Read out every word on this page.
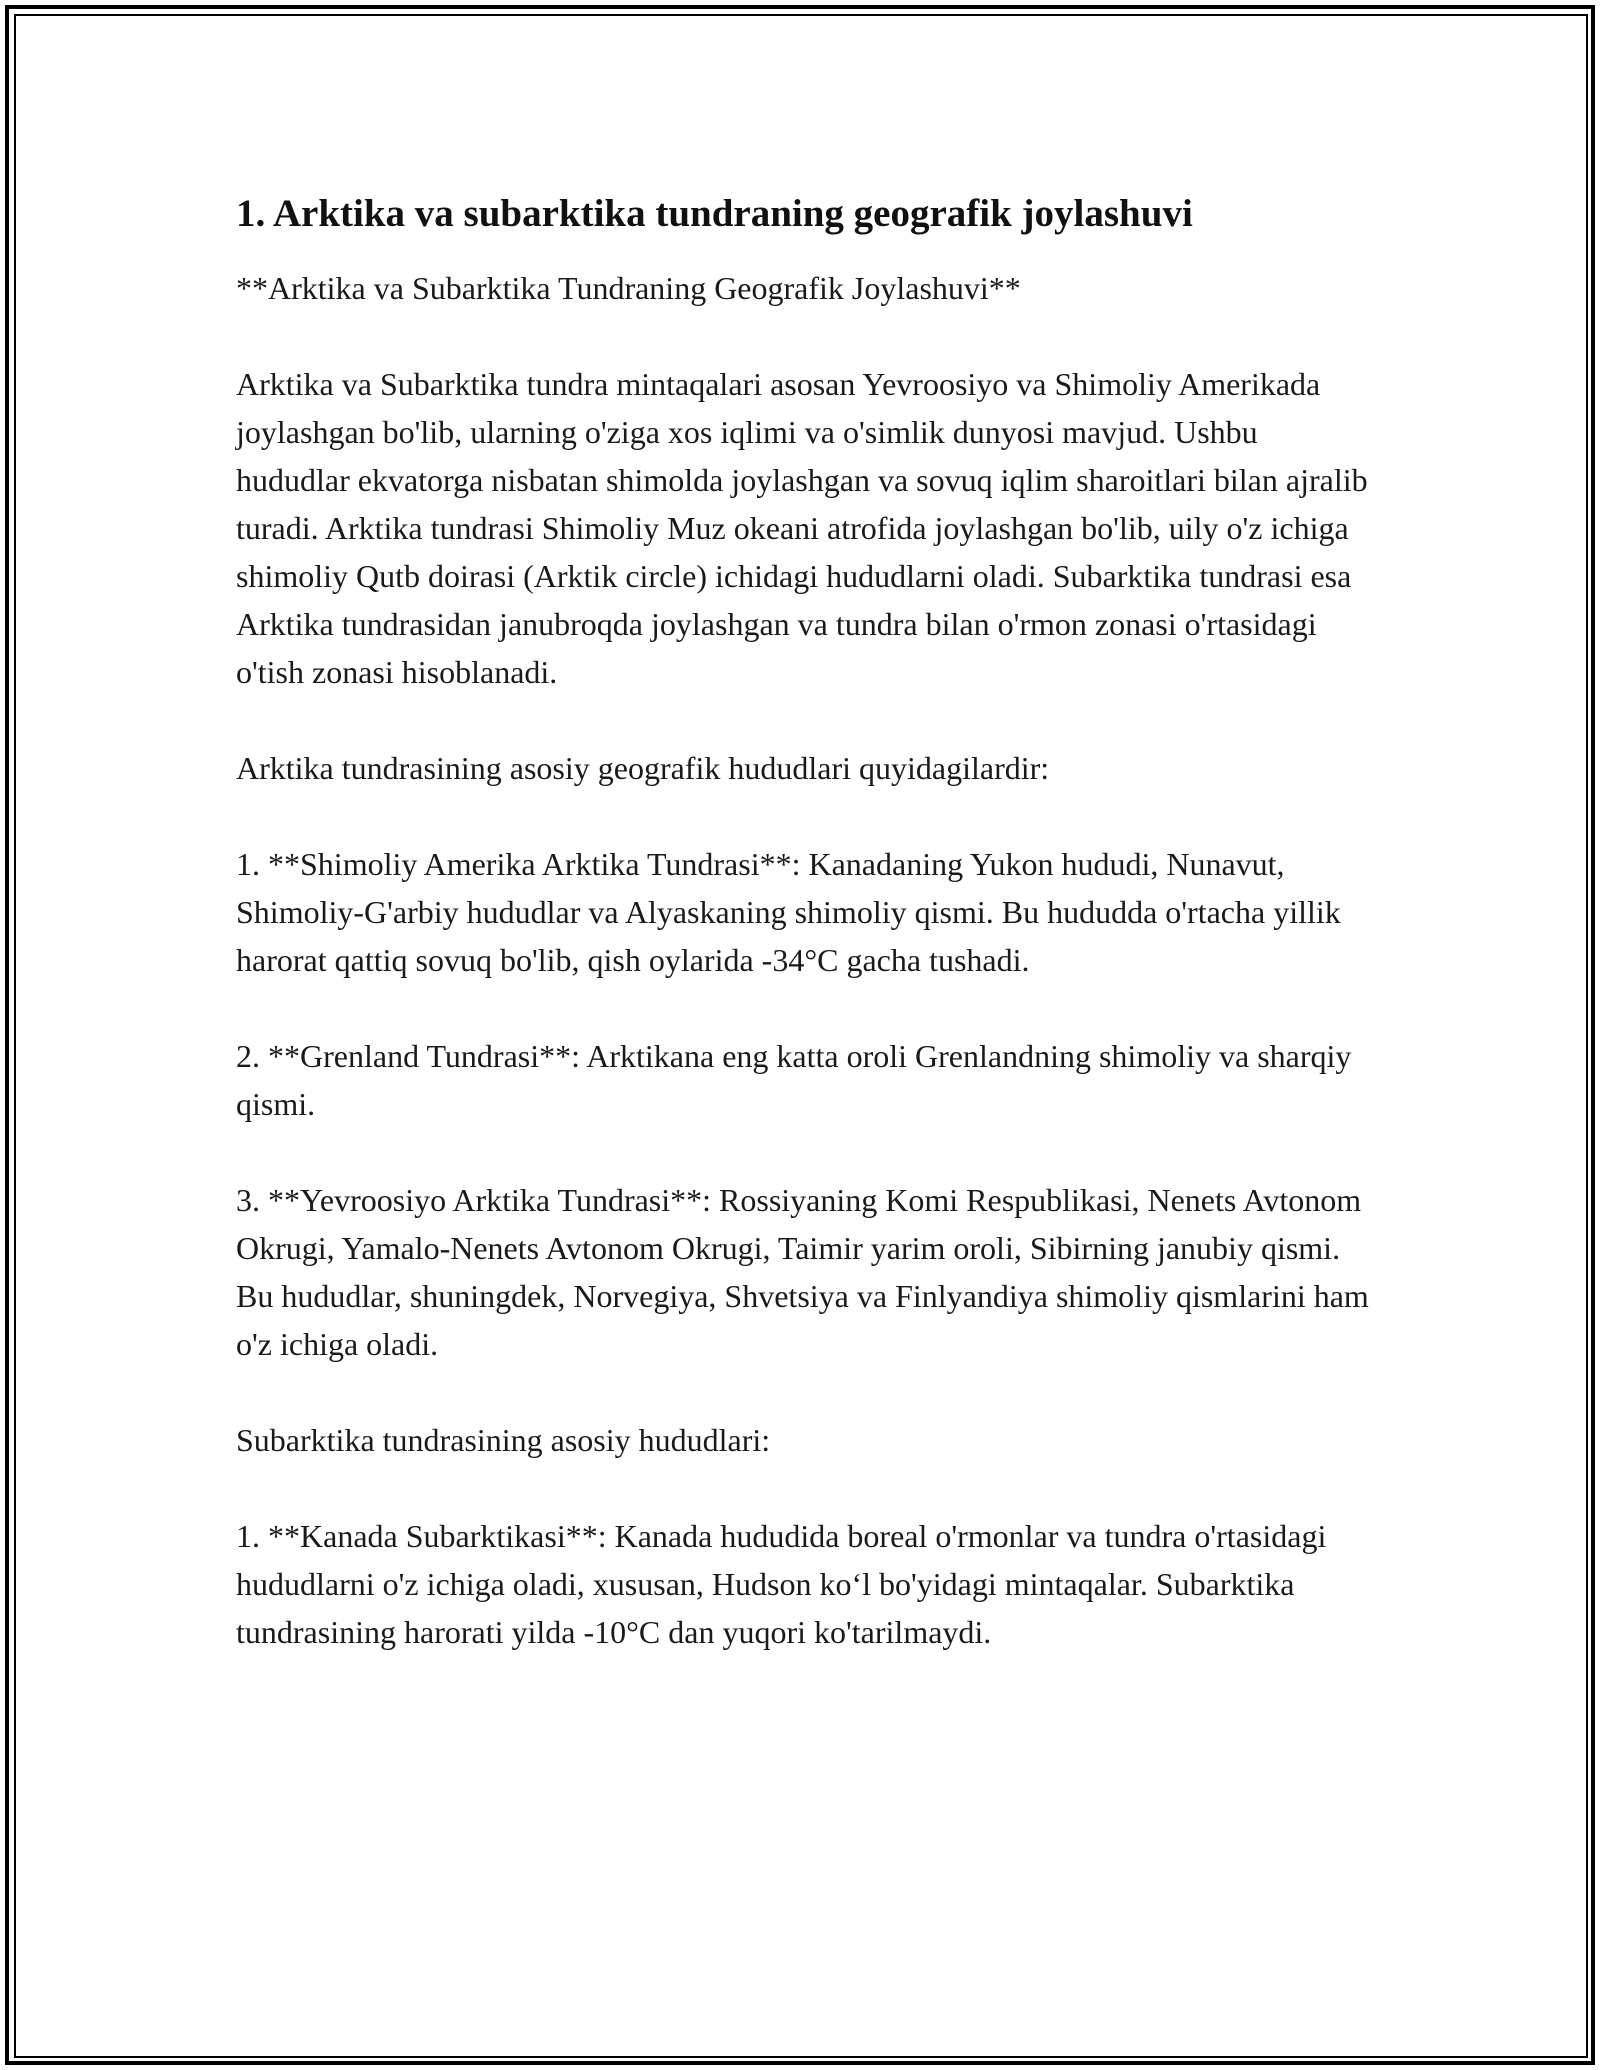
1. Arktika va subarktika tundraning geografik joylashuvi

**Arktika va Subarktika Tundraning Geografik Joylashuvi**

Arktika va Subarktika tundra mintaqalari asosan Yevroosiyo va Shimoliy Amerikada joylashgan bo'lib, ularning o'ziga xos iqlimi va o'simlik dunyosi mavjud. Ushbu hududlar ekvatorga nisbatan shimolda joylashgan va sovuq iqlim sharoitlari bilan ajralib turadi. Arktika tundrasi Shimoliy Muz okeani atrofida joylashgan bo'lib, uily o'z ichiga shimoliy Qutb doirasi (Arktik circle) ichidagi hududlarni oladi. Subarktika tundrasi esa Arktika tundrasidan janubroqda joylashgan va tundra bilan o'rmon zonasi o'rtasidagi o'tish zonasi hisoblanadi.

Arktika tundrasining asosiy geografik hududlari quyidagilardir:

1. **Shimoliy Amerika Arktika Tundrasi**: Kanadaning Yukon hududi, Nunavut, Shimoliy-G'arbiy hududlar va Alyaskaning shimoliy qismi. Bu hududda o'rtacha yillik harorat qattiq sovuq bo'lib, qish oylarida -34°C gacha tushadi.

2. **Grenland Tundrasi**: Arktikana eng katta oroli Grenlandning shimoliy va sharqiy qismi.

3. **Yevroosiyo Arktika Tundrasi**: Rossiyaning Komi Respublikasi, Nenets Avtonom Okrugi, Yamalo-Nenets Avtonom Okrugi, Taimir yarim oroli, Sibirning janubiy qismi. Bu hududlar, shuningdek, Norvegiya, Shvetsiya va Finlyandiya shimoliy qismlarini ham o'z ichiga oladi.

Subarktika tundrasining asosiy hududlari:

1. **Kanada Subarktikasi**: Kanada hududida boreal o'rmonlar va tundra o'rtasidagi hududlarni o'z ichiga oladi, xususan, Hudson ko‘l bo'yidagi mintaqalar. Subarktika tundrasining harorati yilda -10°C dan yuqori ko'tarilmaydi.
